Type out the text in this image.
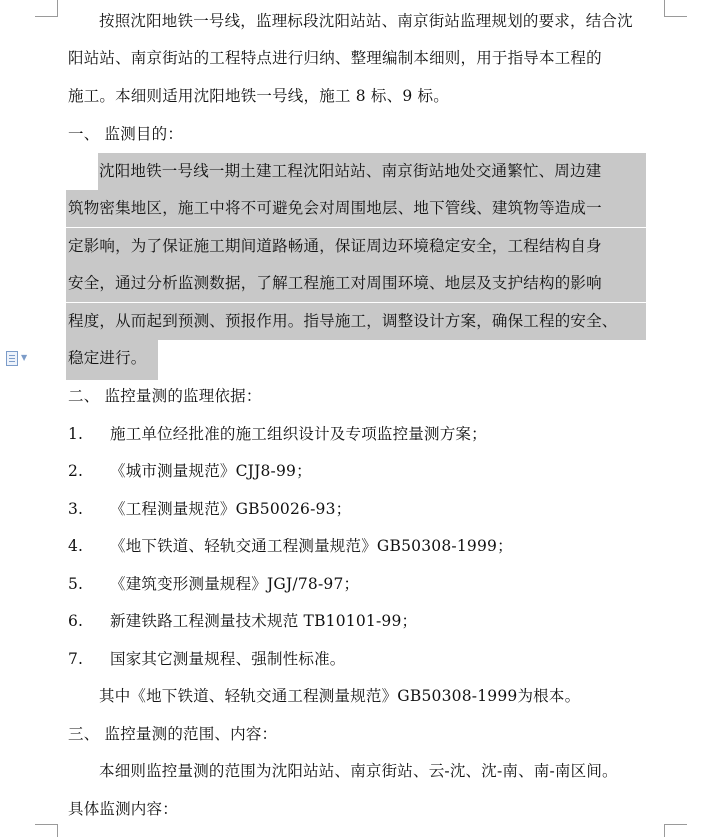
按照沈阳地铁一号线，监理标段沈阳站站、南京街站监理规划的要求，结合沈
阳站站、南京街站的工程特点进行归纳、整理编制本细则，用于指导本工程的
施工。本细则适用沈阳地铁一号线，施工 8 标、9 标。
一、 监测目的：
沈阳地铁一号线一期土建工程沈阳站站、南京街站地处交通繁忙、周边建
筑物密集地区，施工中将不可避免会对周围地层、地下管线、建筑物等造成一
定影响，为了保证施工期间道路畅通，保证周边环境稳定安全，工程结构自身
安全，通过分析监测数据，了解工程施工对周围环境、地层及支护结构的影响
程度，从而起到预测、预报作用。指导施工，调整设计方案，确保工程的安全、
稳定进行。
▼
二、 监控量测的监理依据：
1. 施工单位经批准的施工组织设计及专项监控量测方案；
2. 《城市测量规范》CJJ8-99；
3. 《工程测量规范》GB50026-93；
4. 《地下铁道、轻轨交通工程测量规范》GB50308-1999；
5. 《建筑变形测量规程》JGJ/78-97；
6. 新建铁路工程测量技术规范 TB10101-99；
7. 国家其它测量规程、强制性标准。
其中《地下铁道、轻轨交通工程测量规范》GB50308-1999为根本。
三、 监控量测的范围、内容：
本细则监控量测的范围为沈阳站站、南京街站、云-沈、沈-南、南-南区间。
具体监测内容：
